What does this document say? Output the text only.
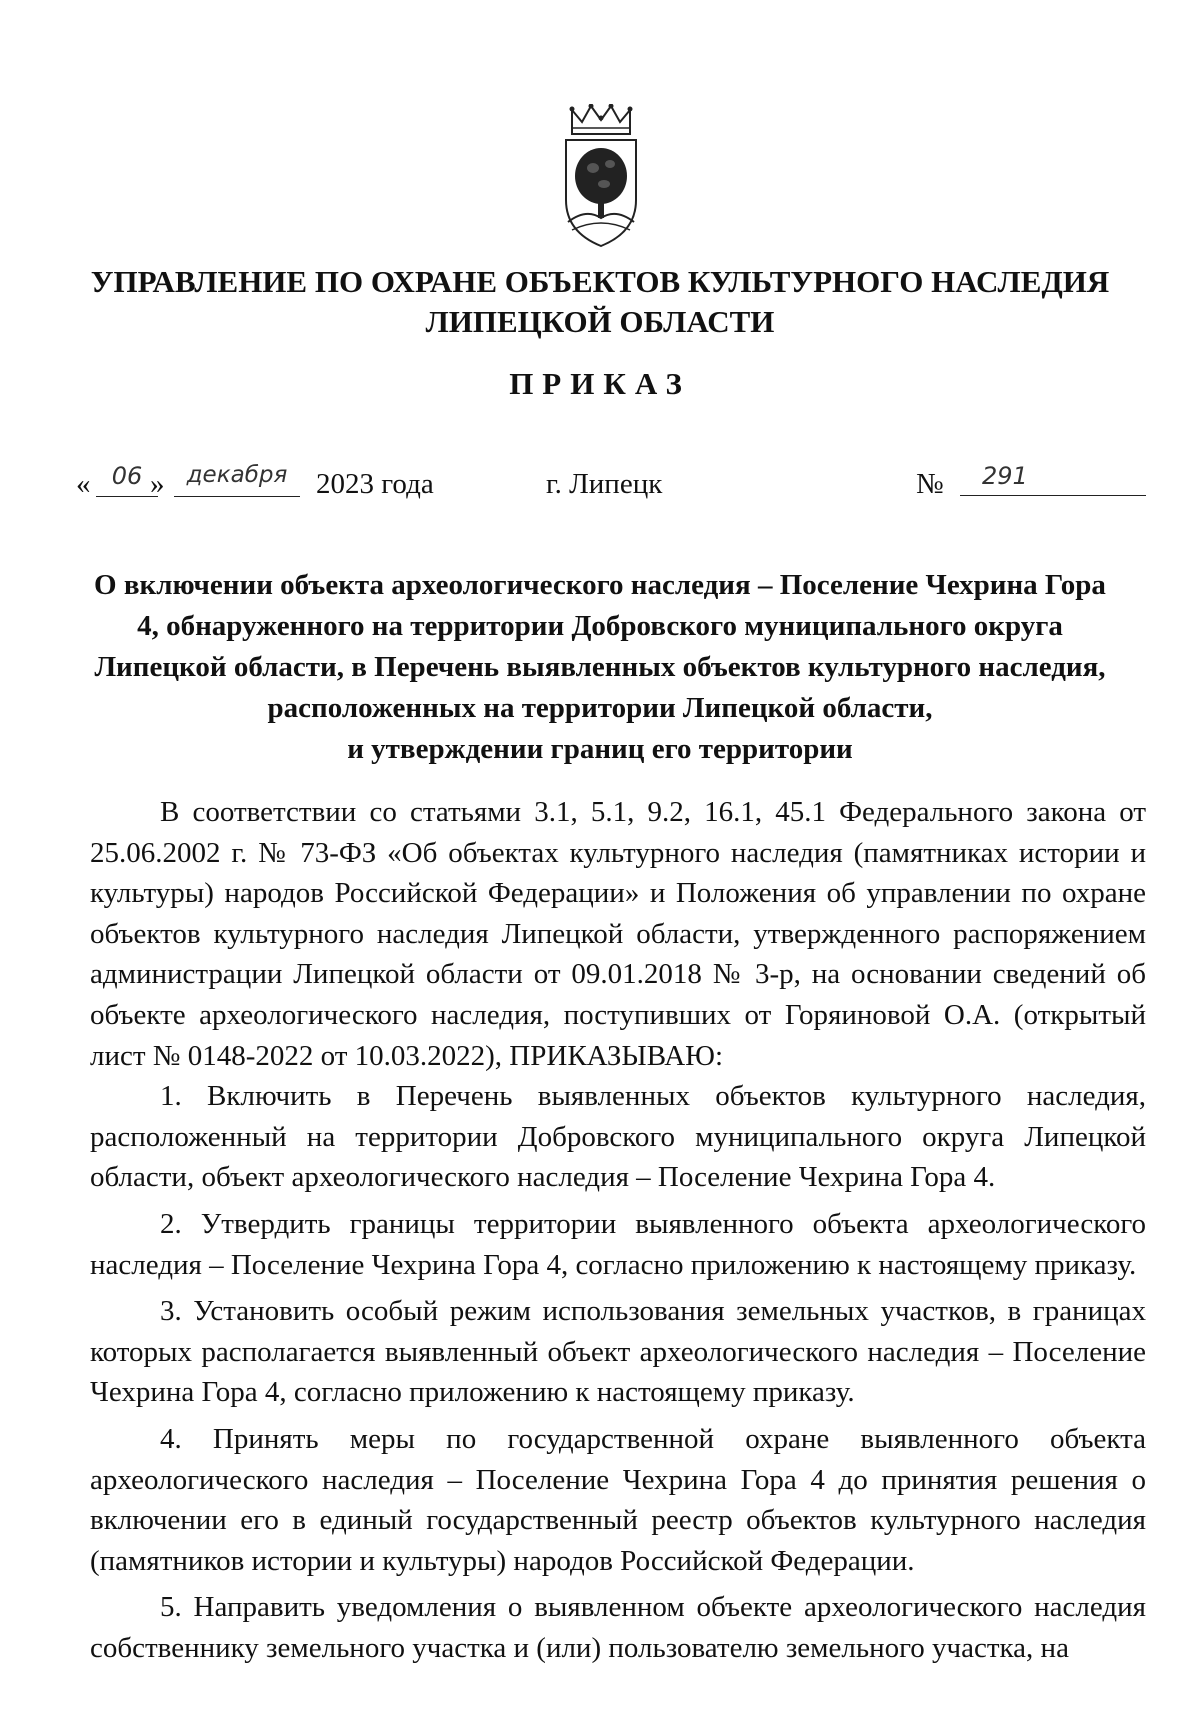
УПРАВЛЕНИЕ ПО ОХРАНЕ ОБЪЕКТОВ КУЛЬТУРНОГО НАСЛЕДИЯ
ЛИПЕЦКОЙ ОБЛАСТИ
ПРИКАЗ
« 06 » декабря 2023 года	г. Липецк	№	291
О включении объекта археологического наследия – Поселение Чехрина Гора
4, обнаруженного на территории Добровского муниципального округа
Липецкой области, в Перечень выявленных объектов культурного наследия,
расположенных на территории Липецкой области,
и утверждении границ его территории

В соответствии со статьями 3.1, 5.1, 9.2, 16.1, 45.1 Федерального закона от 25.06.2002 г. № 73-ФЗ «Об объектах культурного наследия (памятниках истории и культуры) народов Российской Федерации» и Положения об управлении по охране объектов культурного наследия Липецкой области, утвержденного распоряжением администрации Липецкой области от 09.01.2018 № 3-р, на основании сведений об объекте археологического наследия, поступивших от Горяиновой О.А. (открытый лист № 0148-2022 от 10.03.2022), ПРИКАЗЫВАЮ:

1. Включить в Перечень выявленных объектов культурного наследия, расположенный на территории Добровского муниципального округа Липецкой области, объект археологического наследия – Поселение Чехрина Гора 4.

2. Утвердить границы территории выявленного объекта археологического наследия – Поселение Чехрина Гора 4, согласно приложению к настоящему приказу.

3. Установить особый режим использования земельных участков, в границах которых располагается выявленный объект археологического наследия – Поселение Чехрина Гора 4, согласно приложению к настоящему приказу.

4. Принять меры по государственной охране выявленного объекта археологического наследия – Поселение Чехрина Гора 4 до принятия решения о включении его в единый государственный реестр объектов культурного наследия (памятников истории и культуры) народов Российской Федерации.

5. Направить уведомления о выявленном объекте археологического наследия собственнику земельного участка и (или) пользователю земельного участка, на
